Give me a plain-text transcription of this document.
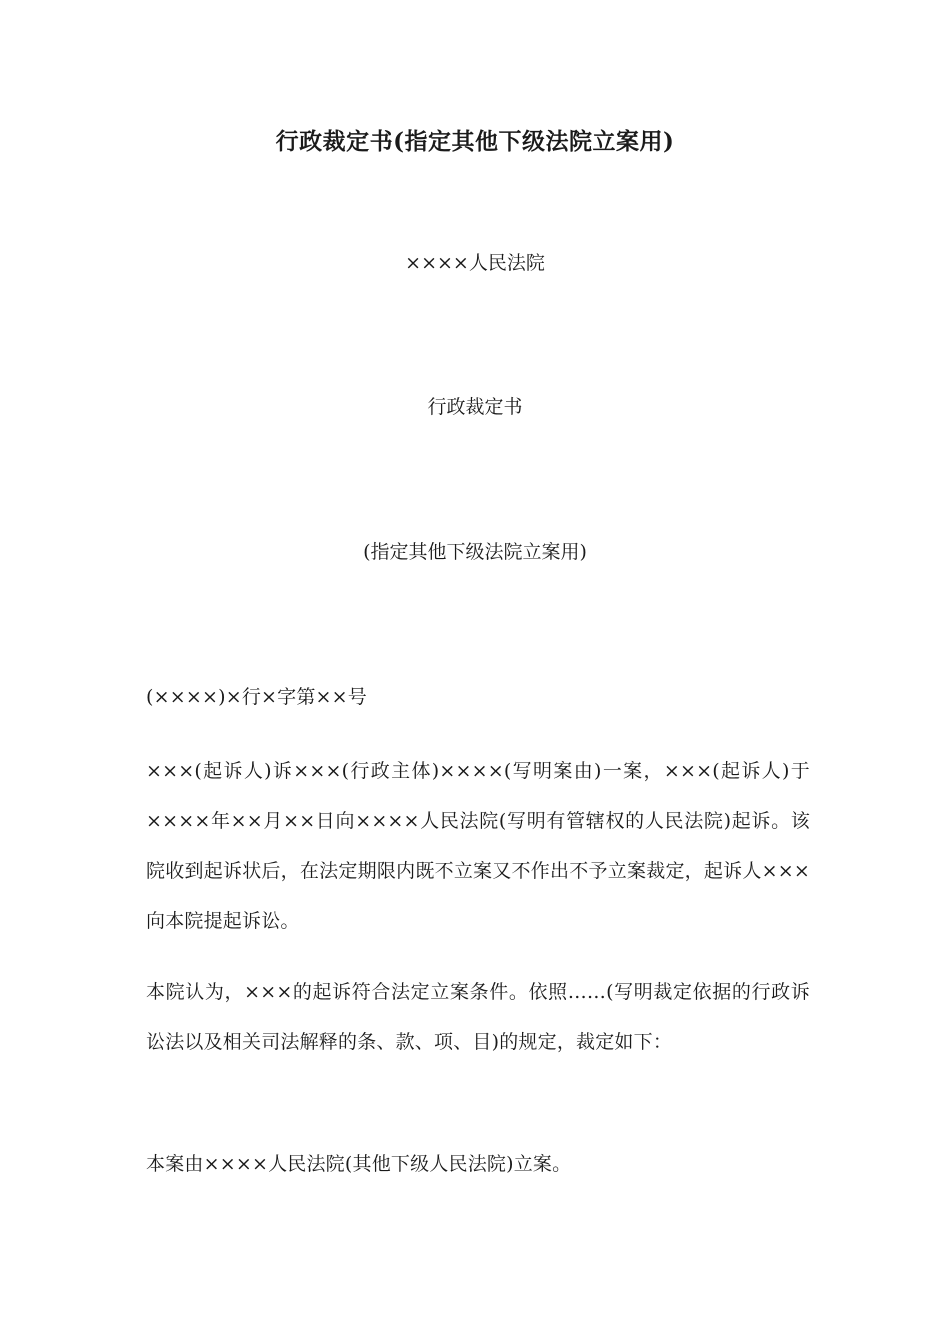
行政裁定书(指定其他下级法院立案用)

××××人民法院

行政裁定书

(指定其他下级法院立案用)

(××××)×行×字第××号

×××(起诉人)诉×××(行政主体)××××(写明案由)一案，×××(起诉人)于××××年××月××日向××××人民法院(写明有管辖权的人民法院)起诉。该院收到起诉状后，在法定期限内既不立案又不作出不予立案裁定，起诉人×××向本院提起诉讼。

本院认为，×××的起诉符合法定立案条件。依照……(写明裁定依据的行政诉讼法以及相关司法解释的条、款、项、目)的规定，裁定如下：

本案由××××人民法院(其他下级人民法院)立案。
